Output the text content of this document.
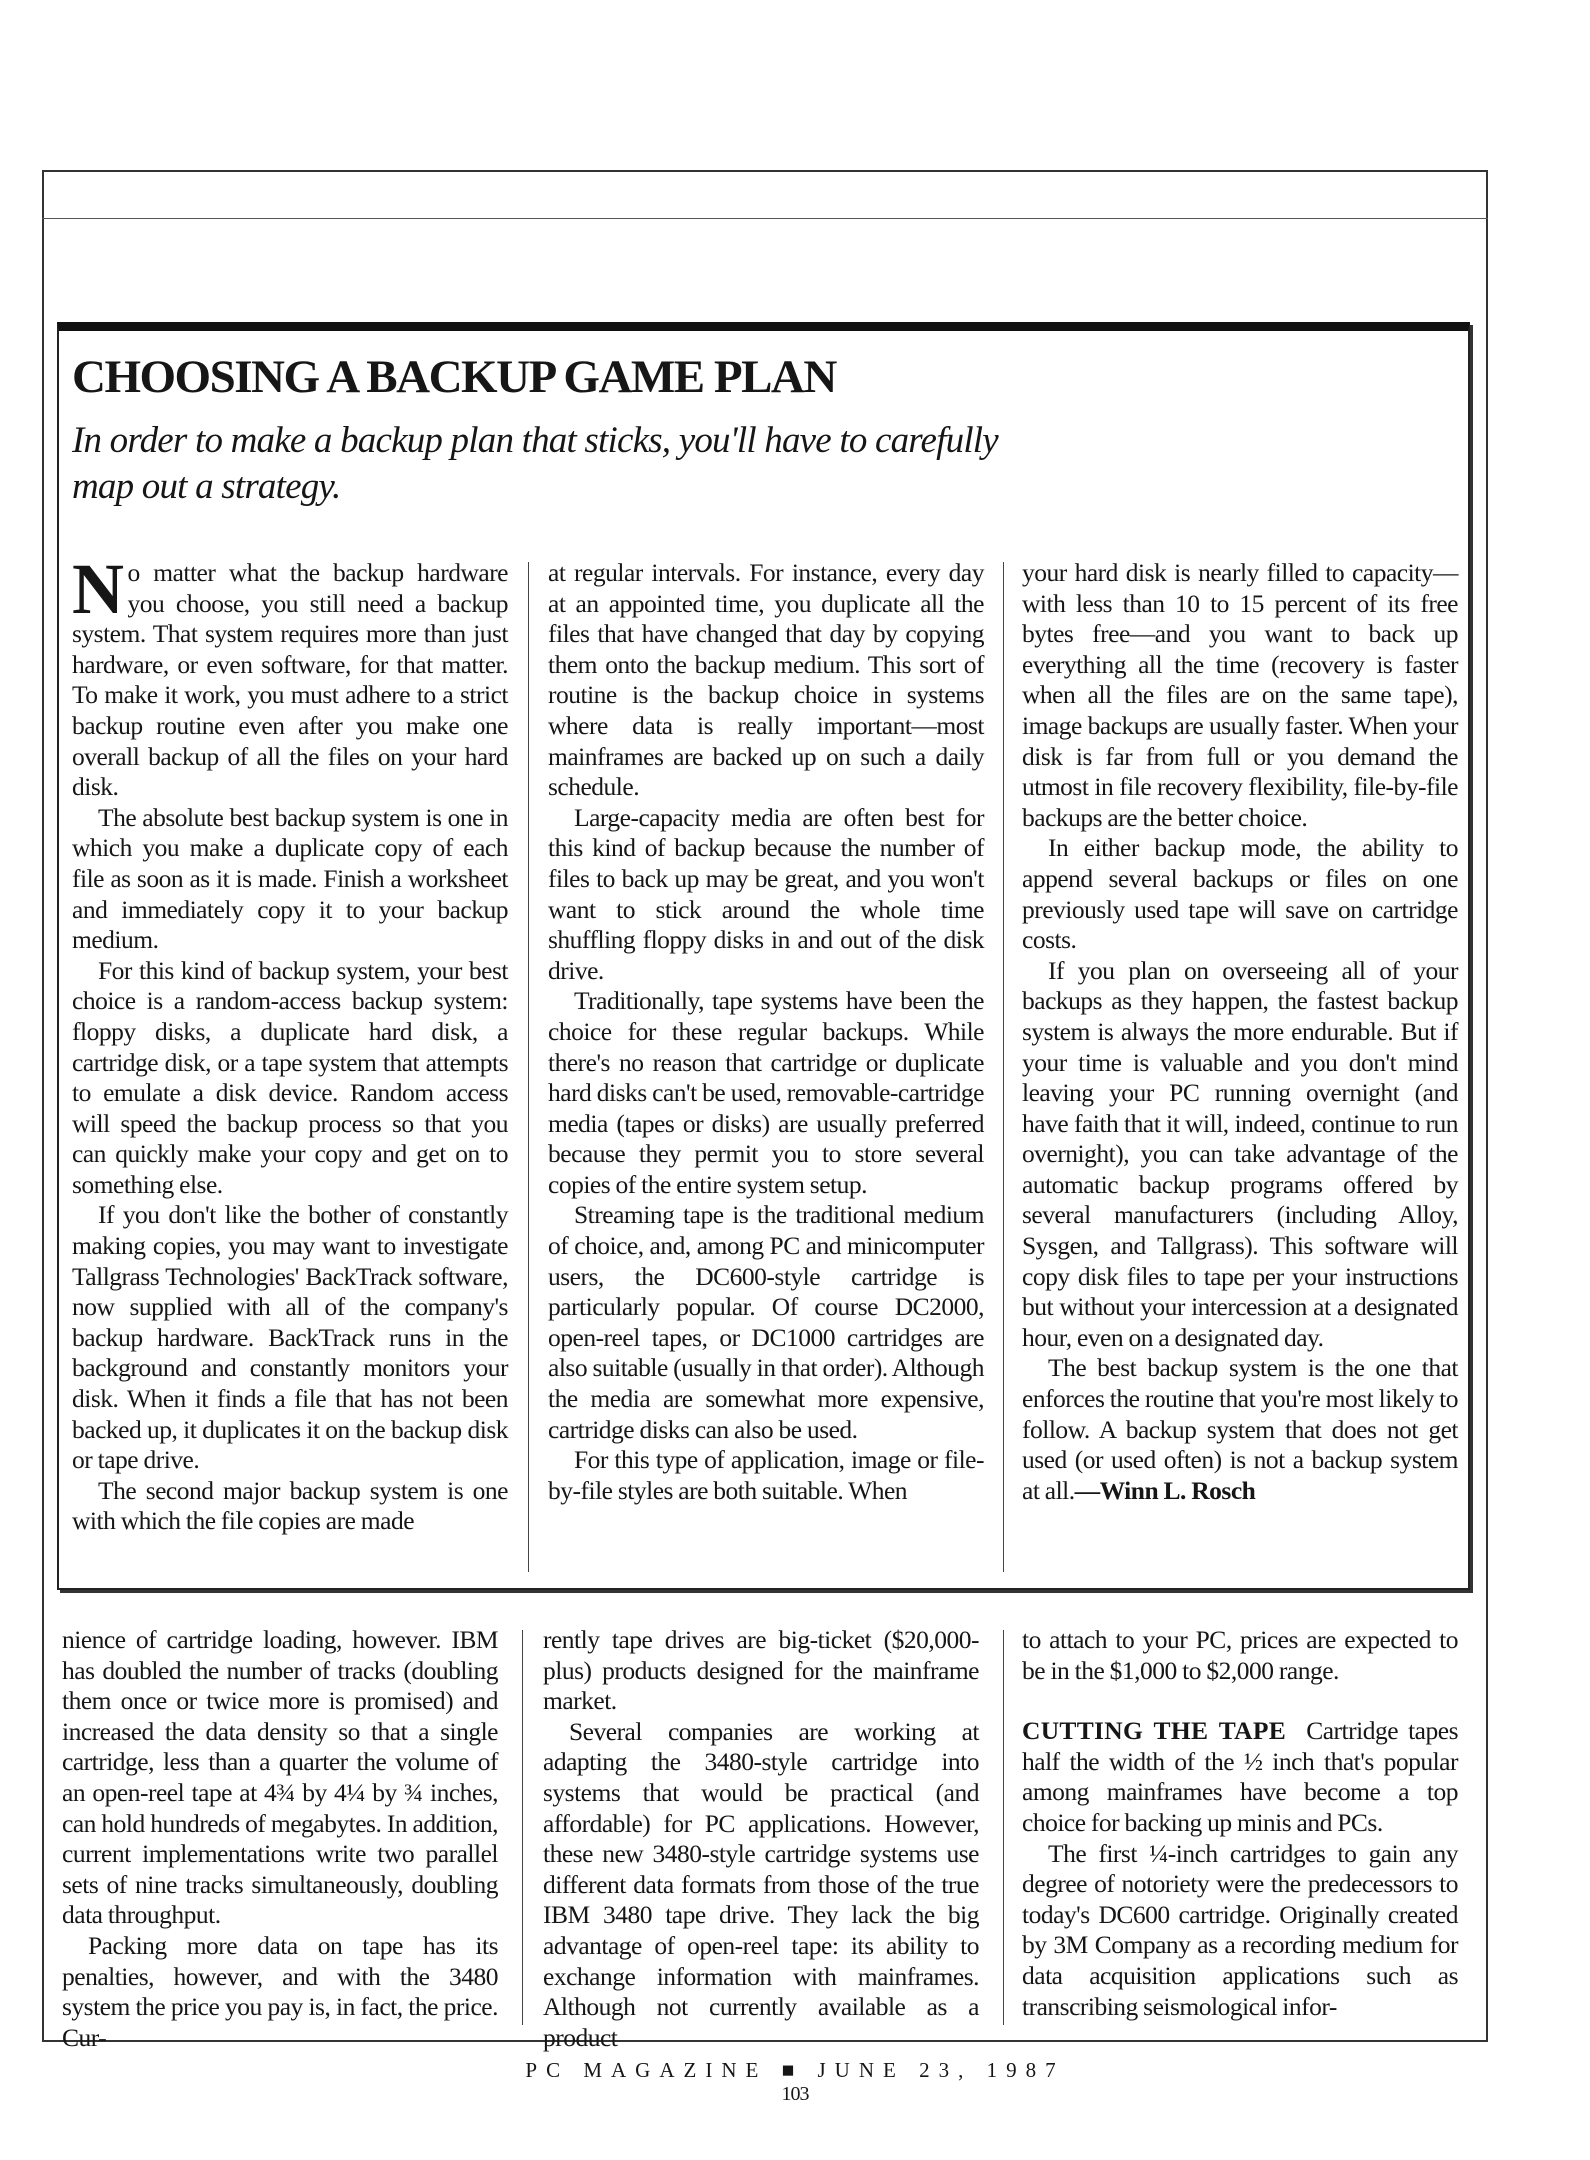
CHOOSING A BACKUP GAME PLAN

In order to make a backup plan that sticks, you'll have to carefully map out a strategy.

No matter what the backup hardware you choose, you still need a backup system. That system requires more than just hardware, or even software, for that matter. To make it work, you must adhere to a strict backup routine even after you make one overall backup of all the files on your hard disk.

The absolute best backup system is one in which you make a duplicate copy of each file as soon as it is made. Finish a worksheet and immediately copy it to your backup medium.

For this kind of backup system, your best choice is a random-access backup system: floppy disks, a duplicate hard disk, a cartridge disk, or a tape system that attempts to emulate a disk device. Random access will speed the backup process so that you can quickly make your copy and get on to something else.

If you don't like the bother of constantly making copies, you may want to investigate Tallgrass Technologies' BackTrack software, now supplied with all of the company's backup hardware. BackTrack runs in the background and constantly monitors your disk. When it finds a file that has not been backed up, it duplicates it on the backup disk or tape drive.

The second major backup system is one with which the file copies are made

at regular intervals. For instance, every day at an appointed time, you duplicate all the files that have changed that day by copying them onto the backup medium. This sort of routine is the backup choice in systems where data is really important—most mainframes are backed up on such a daily schedule.

Large-capacity media are often best for this kind of backup because the number of files to back up may be great, and you won't want to stick around the whole time shuffling floppy disks in and out of the disk drive.

Traditionally, tape systems have been the choice for these regular backups. While there's no reason that cartridge or duplicate hard disks can't be used, removable-cartridge media (tapes or disks) are usually preferred because they permit you to store several copies of the entire system setup.

Streaming tape is the traditional medium of choice, and, among PC and minicomputer users, the DC600-style cartridge is particularly popular. Of course DC2000, open-reel tapes, or DC1000 cartridges are also suitable (usually in that order). Although the media are somewhat more expensive, cartridge disks can also be used.

For this type of application, image or file-by-file styles are both suitable. When

your hard disk is nearly filled to capacity—with less than 10 to 15 percent of its free bytes free—and you want to back up everything all the time (recovery is faster when all the files are on the same tape), image backups are usually faster. When your disk is far from full or you demand the utmost in file recovery flexibility, file-by-file backups are the better choice.

In either backup mode, the ability to append several backups or files on one previously used tape will save on cartridge costs.

If you plan on overseeing all of your backups as they happen, the fastest backup system is always the more endurable. But if your time is valuable and you don't mind leaving your PC running overnight (and have faith that it will, indeed, continue to run overnight), you can take advantage of the automatic backup programs offered by several manufacturers (including Alloy, Sysgen, and Tallgrass). This software will copy disk files to tape per your instructions but without your intercession at a designated hour, even on a designated day.

The best backup system is the one that enforces the routine that you're most likely to follow. A backup system that does not get used (or used often) is not a backup system at all.—Winn L. Rosch

nience of cartridge loading, however. IBM has doubled the number of tracks (doubling them once or twice more is promised) and increased the data density so that a single cartridge, less than a quarter the volume of an open-reel tape at 4¾ by 4¼ by ¾ inches, can hold hundreds of megabytes. In addition, current implementations write two parallel sets of nine tracks simultaneously, doubling data throughput.

Packing more data on tape has its penalties, however, and with the 3480 system the price you pay is, in fact, the price. Cur-

rently tape drives are big-ticket ($20,000-plus) products designed for the mainframe market.

Several companies are working at adapting the 3480-style cartridge into systems that would be practical (and affordable) for PC applications. However, these new 3480-style cartridge systems use different data formats from those of the true IBM 3480 tape drive. They lack the big advantage of open-reel tape: its ability to exchange information with mainframes. Although not currently available as a product

to attach to your PC, prices are expected to be in the $1,000 to $2,000 range.

CUTTING THE TAPE Cartridge tapes half the width of the ½ inch that's popular among mainframes have become a top choice for backing up minis and PCs.

The first ¼-inch cartridges to gain any degree of notoriety were the predecessors to today's DC600 cartridge. Originally created by 3M Company as a recording medium for data acquisition applications such as transcribing seismological infor-

PC MAGAZINE ■ JUNE 23, 1987
103
